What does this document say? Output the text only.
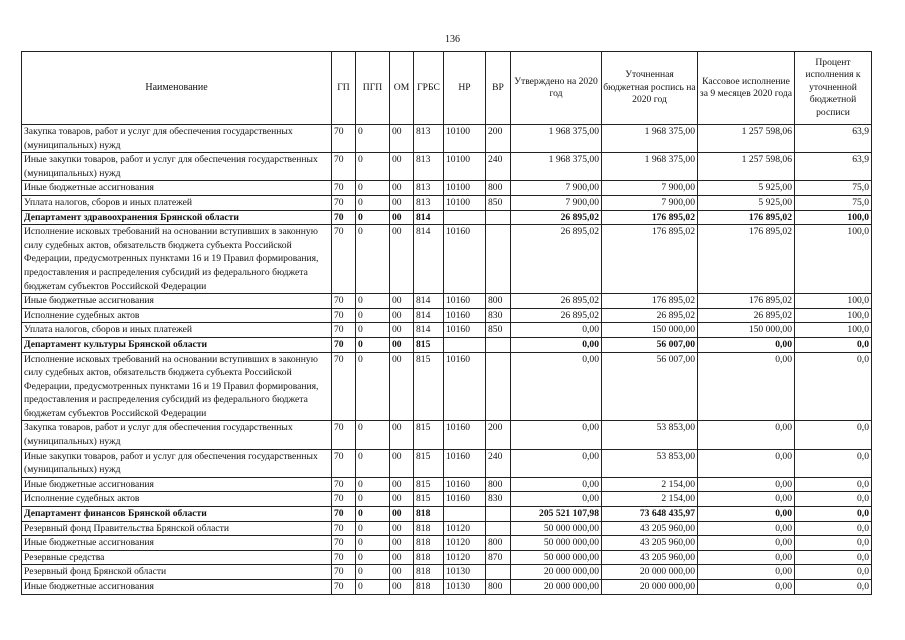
136
Наименование	ГП	ПГП	ОМ	ГРБС	НР	ВР	Утверждено на 2020 год	Уточненная бюджетная роспись на 2020 год	Кассовое исполнение за 9 месяцев 2020 года	Процент исполнения к уточненной бюджетной росписи
Закупка товаров, работ и услуг для обеспечения государственных (муниципальных) нужд	70	0	00	813	10100	200	1 968 375,00	1 968 375,00	1 257 598,06	63,9
Иные закупки товаров, работ и услуг для обеспечения государственных (муниципальных) нужд	70	0	00	813	10100	240	1 968 375,00	1 968 375,00	1 257 598,06	63,9
Иные бюджетные ассигнования	70	0	00	813	10100	800	7 900,00	7 900,00	5 925,00	75,0
Уплата налогов, сборов и иных платежей	70	0	00	813	10100	850	7 900,00	7 900,00	5 925,00	75,0
Департамент здравоохранения Брянской области	70	0	00	814			26 895,02	176 895,02	176 895,02	100,0
Исполнение исковых требований на основании вступивших в законную силу судебных актов, обязательств бюджета субъекта Российской Федерации, предусмотренных пунктами 16 и 19 Правил формирования, предоставления и распределения субсидий из федерального бюджета бюджетам субъектов Российской Федерации	70	0	00	814	10160		26 895,02	176 895,02	176 895,02	100,0
Иные бюджетные ассигнования	70	0	00	814	10160	800	26 895,02	176 895,02	176 895,02	100,0
Исполнение судебных актов	70	0	00	814	10160	830	26 895,02	26 895,02	26 895,02	100,0
Уплата налогов, сборов и иных платежей	70	0	00	814	10160	850	0,00	150 000,00	150 000,00	100,0
Департамент культуры Брянской области	70	0	00	815			0,00	56 007,00	0,00	0,0
Исполнение исковых требований на основании вступивших в законную силу судебных актов, обязательств бюджета субъекта Российской Федерации, предусмотренных пунктами 16 и 19 Правил формирования, предоставления и распределения субсидий из федерального бюджета бюджетам субъектов Российской Федерации	70	0	00	815	10160		0,00	56 007,00	0,00	0,0
Закупка товаров, работ и услуг для обеспечения государственных (муниципальных) нужд	70	0	00	815	10160	200	0,00	53 853,00	0,00	0,0
Иные закупки товаров, работ и услуг для обеспечения государственных (муниципальных) нужд	70	0	00	815	10160	240	0,00	53 853,00	0,00	0,0
Иные бюджетные ассигнования	70	0	00	815	10160	800	0,00	2 154,00	0,00	0,0
Исполнение судебных актов	70	0	00	815	10160	830	0,00	2 154,00	0,00	0,0
Департамент финансов Брянской области	70	0	00	818			205 521 107,98	73 648 435,97	0,00	0,0
Резервный фонд Правительства Брянской области	70	0	00	818	10120		50 000 000,00	43 205 960,00	0,00	0,0
Иные бюджетные ассигнования	70	0	00	818	10120	800	50 000 000,00	43 205 960,00	0,00	0,0
Резервные средства	70	0	00	818	10120	870	50 000 000,00	43 205 960,00	0,00	0,0
Резервный фонд Брянской области	70	0	00	818	10130		20 000 000,00	20 000 000,00	0,00	0,0
Иные бюджетные ассигнования	70	0	00	818	10130	800	20 000 000,00	20 000 000,00	0,00	0,0
